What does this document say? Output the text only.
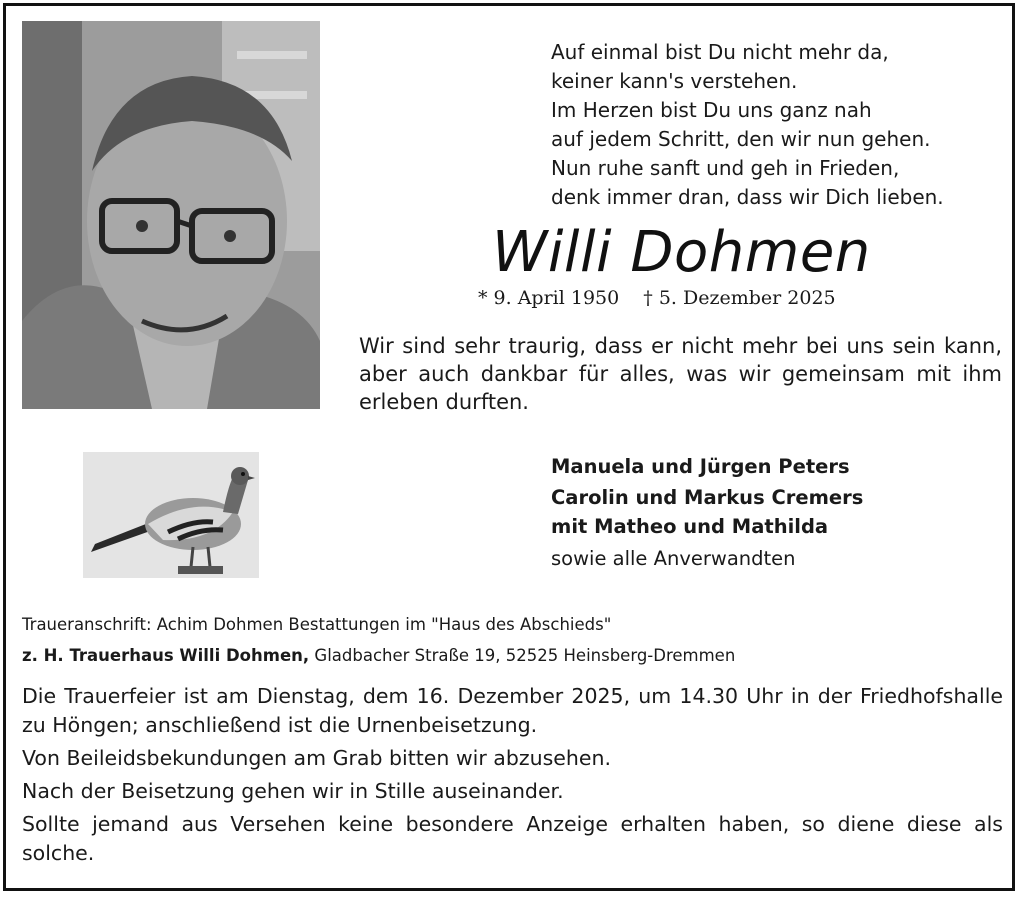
Auf einmal bist Du nicht mehr da,
keiner kann's verstehen.
Im Herzen bist Du uns ganz nah
auf jedem Schritt, den wir nun gehen.
Nun ruhe sanft und geh in Frieden,
denk immer dran, dass wir Dich lieben.
Willi Dohmen
* 9. April 1950 † 5. Dezember 2025
Wir sind sehr traurig, dass er nicht mehr bei uns sein kann, aber auch dankbar für alles, was wir gemeinsam mit ihm erleben durften.
Manuela und Jürgen Peters
Carolin und Markus Cremers
mit Matheo und Mathilda
sowie alle Anverwandten
Traueranschrift: Achim Dohmen Bestattungen im "Haus des Abschieds"
z. H. Trauerhaus Willi Dohmen, Gladbacher Straße 19, 52525 Heinsberg-Dremmen

Die Trauerfeier ist am Dienstag, dem 16. Dezember 2025, um 14.30 Uhr in der Friedhofshalle zu Höngen; anschließend ist die Urnenbeisetzung.

Von Beileidsbekundungen am Grab bitten wir abzusehen.

Nach der Beisetzung gehen wir in Stille auseinander.

Sollte jemand aus Versehen keine besondere Anzeige erhalten haben, so diene diese als solche.
